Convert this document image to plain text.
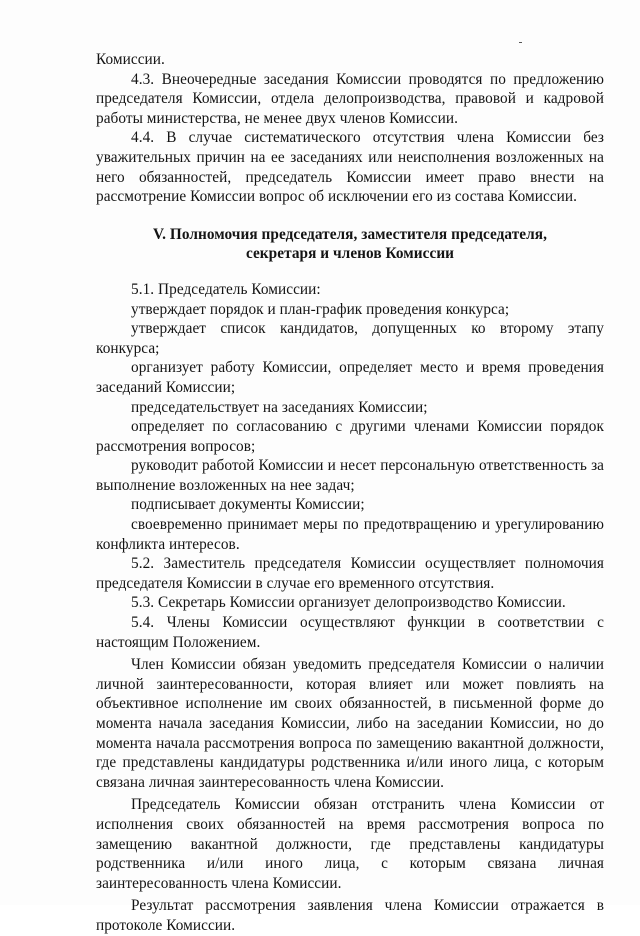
Комиссии.

4.3. Внеочередные заседания Комиссии проводятся по предложению председателя Комиссии, отдела делопроизводства, правовой и кадровой работы министерства, не менее двух членов Комиссии.

4.4. В случае систематического отсутствия члена Комиссии без уважительных причин на ее заседаниях или неисполнения возложенных на него обязанностей, председатель Комиссии имеет право внести на рассмотрение Комиссии вопрос об исключении его из состава Комиссии.

V. Полномочия председателя, заместителя председателя,
секретаря и членов Комиссии

5.1. Председатель Комиссии:

утверждает порядок и план-график проведения конкурса;

утверждает список кандидатов, допущенных ко второму этапу конкурса;

организует работу Комиссии, определяет место и время проведения заседаний Комиссии;

председательствует на заседаниях Комиссии;

определяет по согласованию с другими членами Комиссии порядок рассмотрения вопросов;

руководит работой Комиссии и несет персональную ответственность за выполнение возложенных на нее задач;

подписывает документы Комиссии;

своевременно принимает меры по предотвращению и урегулированию конфликта интересов.

5.2. Заместитель председателя Комиссии осуществляет полномочия председателя Комиссии в случае его временного отсутствия.

5.3. Секретарь Комиссии организует делопроизводство Комиссии.

5.4. Члены Комиссии осуществляют функции в соответствии с настоящим Положением.

Член Комиссии обязан уведомить председателя Комиссии о наличии личной заинтересованности, которая влияет или может повлиять на объективное исполнение им своих обязанностей, в письменной форме до момента начала заседания Комиссии, либо на заседании Комиссии, но до момента начала рассмотрения вопроса по замещению вакантной должности, где представлены кандидатуры родственника и/или иного лица, с которым связана личная заинтересованность члена Комиссии.

Председатель Комиссии обязан отстранить члена Комиссии от исполнения своих обязанностей на время рассмотрения вопроса по замещению вакантной должности, где представлены кандидатуры родственника и/или иного лица, с которым связана личная заинтересованность члена Комиссии.

Результат рассмотрения заявления члена Комиссии отражается в протоколе Комиссии.
